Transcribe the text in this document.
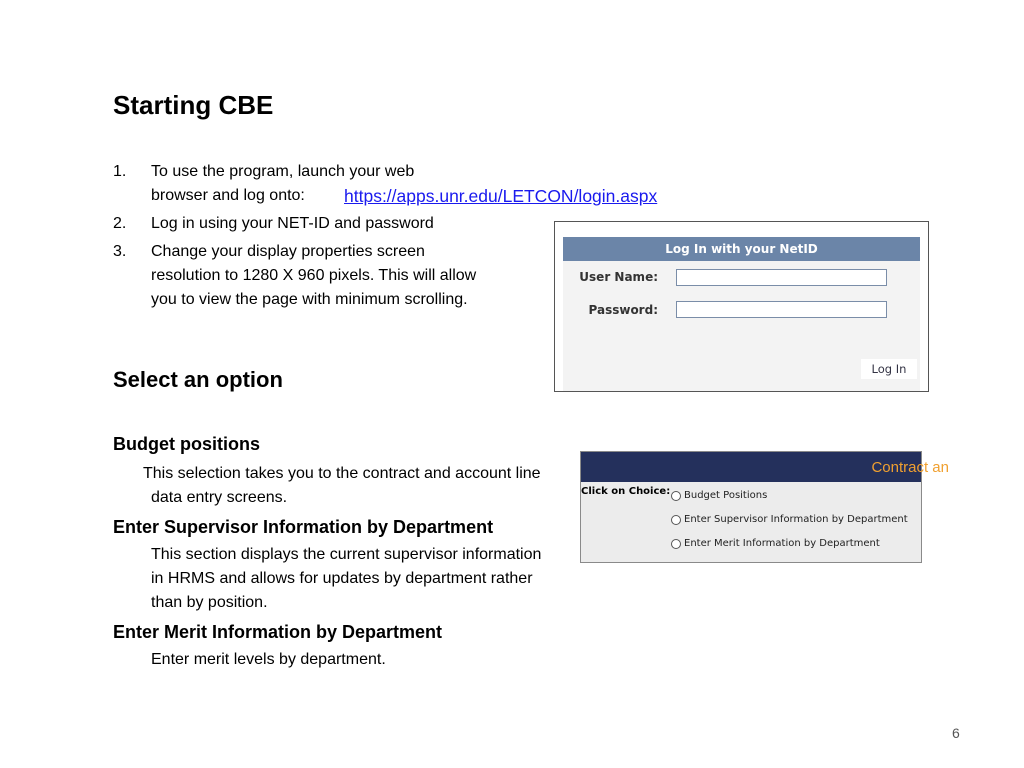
Starting CBE
1.	To use the program, launch your web browser and log onto:
2.	Log in using your NET-ID and password
3.	Change your display properties screen resolution to 1280 X 960 pixels. This will allow you to view the page with minimum scrolling.
https://apps.unr.edu/LETCON/login.aspx
Select an option
Budget positions
This selection takes you to the contract and account line data entry screens.
Enter Supervisor Information by Department
This section displays the current supervisor information in HRMS and allows for updates by department rather than by position.
Enter Merit Information by Department
Enter merit levels by department.
Log In with your NetID
User Name:
Password:
Log In
Contract an
Click on Choice: Budget Positions
Enter Supervisor Information by Department
Enter Merit Information by Department
6
